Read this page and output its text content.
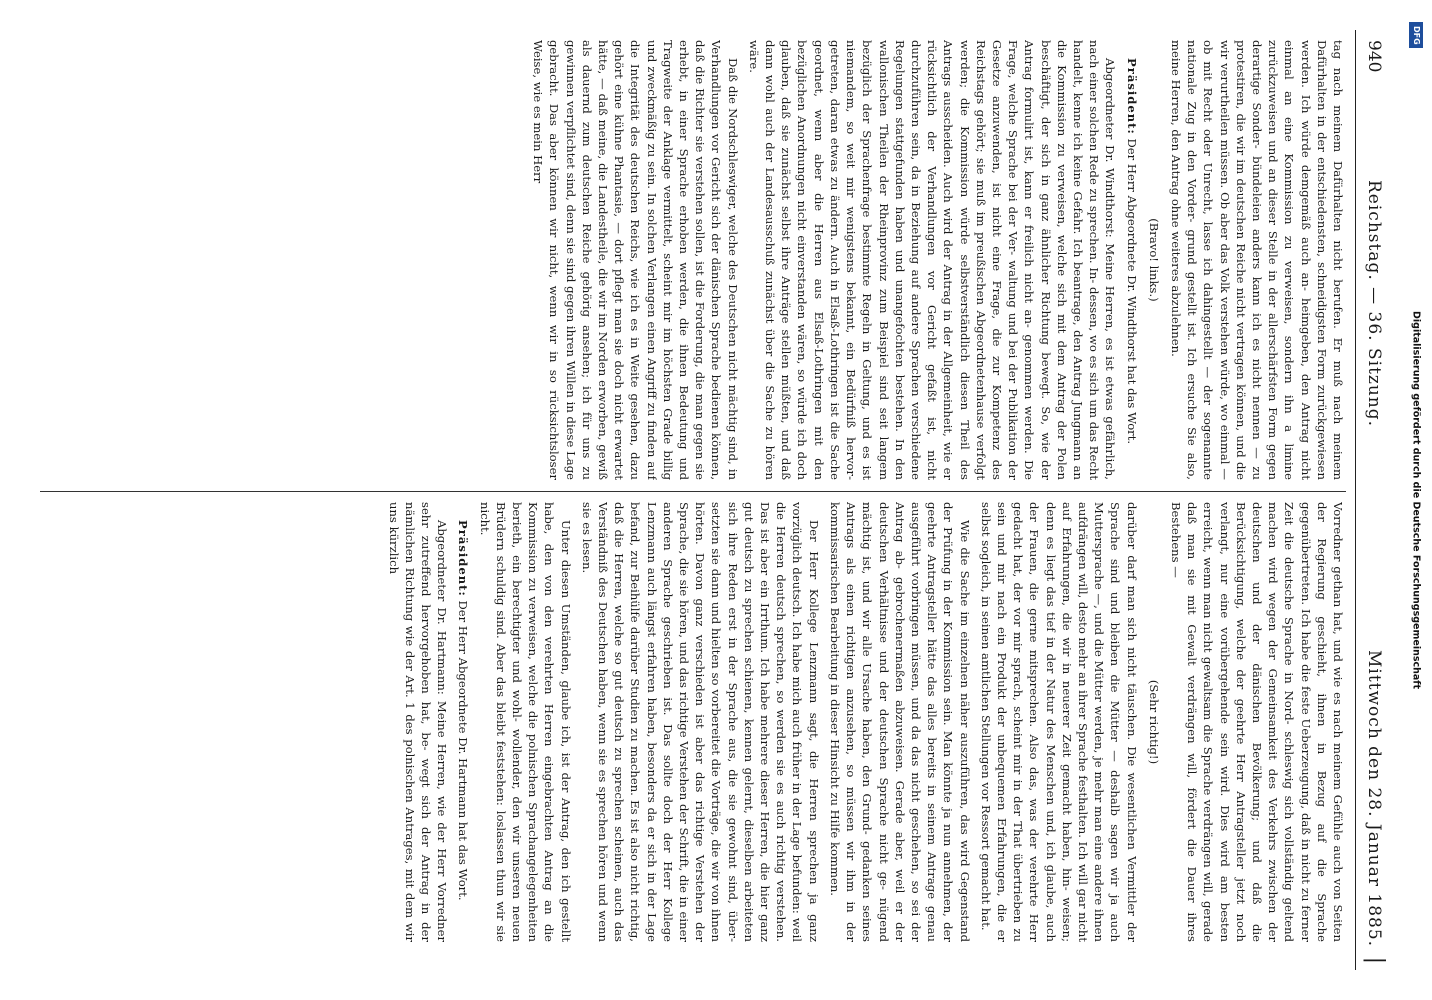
940
Reichstag. — 36. Sitzung.
Mittwoch den 28. Januar 1885.
|

tag nach meinem Dafürhalten nicht berufen. Er muß nach meinem Dafürhalten in der entschiedensten, schneidigsten Form zurückgewiesen werden. Ich würde demgemäß auch an- heimgeben, den Antrag nicht einmal an eine Kommission zu verweisen, sondern ihn a limine zurückzuweisen und an dieser Stelle in der allerschärfsten Form gegen derartige Sonder- bündeleien anders kann ich es nicht nennen — zu protestiren, die wir im deutschen Reiche nicht vertragen können, und die wir verurtheilen müssen. Ob aber das Volk verstehen würde, wo einmal — ob mit Recht oder Unrecht, lasse ich dahingestellt — der sogenannte nationale Zug in den Vorder- grund gestellt ist. Ich ersuche Sie also, meine Herren, den Antrag ohne weiteres abzulehnen.

(Bravo! links.)

Präsident: Der Herr Abgeordnete Dr. Windthorst hat das Wort.

Abgeordneter Dr. Windthorst: Meine Herren, es ist etwas gefährlich, nach einer solchen Rede zu sprechen. In- dessen, wo es sich um das Recht handelt, kenne ich keine Gefahr. Ich beantrage, den Antrag Jungmann an die Kommission zu verweisen, welche sich mit dem Antrag der Polen beschäftigt, der sich in ganz ähnlicher Richtung bewegt. So, wie der Antrag formulirt ist, kann er freilich nicht an- genommen werden. Die Frage, welche Sprache bei der Ver- waltung und bei der Publikation der Gesetze anzuwenden, ist nicht eine Frage, die zur Kompetenz des Reichstags gehört; sie muß im preußischen Abgeordnetenhause verfolgt werden; die Kommission würde selbstverständlich diesen Theil des Antrags ausscheiden. Auch wird der Antrag in der Allgemeinheit, wie er rücksichtlich der Verhandlungen vor Gericht gefaßt ist, nicht durchzuführen sein, da in Beziehung auf andere Sprachen verschiedene Regelungen stattgefunden haben und unangefochten bestehen. In den wallonischen Theilen der Rheinprovinz zum Beispiel sind seit langem bezüglich der Sprachenfrage bestimmte Regeln in Geltung, und es ist niemandem, so weit mir wenigstens bekannt, ein Bedürfniß hervor- getreten, daran etwas zu ändern. Auch in Elsaß-Lothringen ist die Sache geordnet, wenn aber die Herren aus Elsaß-Lothringen mit den bezüglichen Anordnungen nicht einverstanden wären, so würde ich doch glauben, daß sie zunächst selbst ihre Anträge stellen müßten, und daß dann wohl auch der Landesausschuß zunächst über die Sache zu hören wäre.

Daß die Nordschleswiger, welche des Deutschen nicht mächtig sind, in Verhandlungen vor Gericht sich der dänischen Sprache bedienen können, daß die Richter sie verstehen sollen, ist die Forderung, die man gegen sie erhebt, in einer Sprache erhoben werden, die ihnen Bedeutung und Tragweite der Anklage vermittelt, scheint mir im höchsten Grade billig und zweckmäßig zu sein. In solchen Verlangen einen Angriff zu finden auf die Integrität des deutschen Reichs, wie ich es in Weite gesehen, dazu gehört eine kühne Phantasie, — dort pflegt man sie doch nicht erwartet hätte, — daß meine, die Landestheile, die wir im Norden erworben, gewiß als dauernd zum deutschen Reiche gehörig ansehen; ich für uns zu gewinnen verpflichtet sind, denn sie sind gegen ihren Willen in diese Lage gebracht. Das aber können wir nicht, wenn wir in so rücksichtsloser Weise, wie es mein Herr

Vorredner gethan hat, und wie es nach meinem Gefühle auch von Seiten der Regierung geschieht, ihnen in Bezug auf die Sprache gegenübertreten. Ich habe die feste Ueberzeugung, daß in nicht zu ferner Zeit die deutsche Sprache in Nord- schleswig sich vollständig geltend machen wird wegen der Gemeinsamkeit des Verkehrs zwischen der deutschen und der dänischen Bevölkerung; und daß die Berücksichtigung, welche der geehrte Herr Antragsteller jetzt noch verlangt, nur eine vorübergehende sein wird. Dies wird am besten erreicht, wenn man nicht gewaltsam die Sprache verdrängen will, gerade daß man sie mit Gewalt verdrängen will, fördert die Dauer ihres Bestehens —

(Sehr richtig!)

darüber darf man sich nicht täuschen. Die wesentlichen Vermittler der Sprache sind und bleiben die Mütter — deshalb sagen wir ja auch Muttersprache —, und die Mütter werden, je mehr man eine andere ihnen aufdrängen will, desto mehr an ihrer Sprache festhalten. Ich will gar nicht auf Erfahrungen, die wir in neuerer Zeit gemacht haben, hin- weisen; denn es liegt das tief in der Natur des Menschen und, ich glaube, auch der Frauen, die gerne mitsprechen. Also das, was der verehrte Herr gedacht hat, der vor mir sprach, scheint mir in der That übertrieben zu sein und mir nach ein Produkt der unbequemen Erfahrungen, die er selbst sogleich, in seinen amtlichen Stellungen vor Ressort gemacht hat.

Wie die Sache im einzelnen näher auszuführen, das wird Gegenstand der Prüfung in der Kommission sein. Man könnte ja nun annehmen, der geehrte Antragsteller hätte das alles bereits in seinem Antrage genau ausgeführt vorbringen müssen, und da das nicht geschehen, so sei der Antrag ab- gebrochenermaßen abzuweisen. Gerade aber, weil er der deutschen Verhältnisse und der deutschen Sprache nicht ge- nügend mächtig ist, und wir alle Ursache haben, den Grund- gedanken seines Antrags als einen richtigen anzusehen, so müssen wir ihm in der kommissarischen Bearbeitung in dieser Hinsicht zu Hilfe kommen.

Der Herr Kollege Lenzmann sagt, die Herren sprechen ja ganz vorzüglich deutsch. Ich habe mich auch früher in der Lage befunden: weil die Herren deutsch sprechen, so werden sie es auch richtig verstehen. Das ist aber ein Irrthum. Ich habe mehrere dieser Herren, die hier ganz gut deutsch zu sprechen schienen, kennen gelernt, dieselben arbeiteten sich ihre Reden erst in der Sprache aus, die sie gewohnt sind, über- setzten sie dann und hielten so vorbereitet die Vorträge, die wir von ihnen hörten. Davon ganz verschieden ist aber das richtige Verstehen der Sprache, die sie hören, und das richtige Verstehen der Schrift, die in einer anderen Sprache geschrieben ist. Das sollte doch der Herr Kollege Lenzmann auch längst erfahren haben, besonders da er sich in der Lage befand, zur Beihülfe darüber Studien zu machen. Es ist also nicht richtig, daß die Herren, welche so gut deutsch zu sprechen scheinen, auch das Verständniß des Deutschen haben, wenn sie es sprechen hören und wenn sie es lesen.

Unter diesen Umständen, glaube ich, ist der Antrag, den ich gestellt habe, den von den verehrten Herren eingebrachten Antrag an die Kommission zu verweisen, welche die polnischen Sprachangelegenheiten berieth, ein berechtigter und wohl- wollender, den wir unseren neuen Brüdern schuldig sind. Aber das bleibt feststehen: loslassen thun wir sie nicht.

Präsident: Der Herr Abgeordnete Dr. Hartmann hat das Wort.

Abgeordneter Dr. Hartmann: Meine Herren, wie der Herr Vorredner sehr zutreffend hervorgehoben hat, be- wegt sich der Antrag in der nämlichen Richtung wie der Art. 1 des polnischen Antrages, mit dem wir uns kürzlich

DFG
Digitalisierung gefördert durch die Deutsche Forschungsgemeinschaft
